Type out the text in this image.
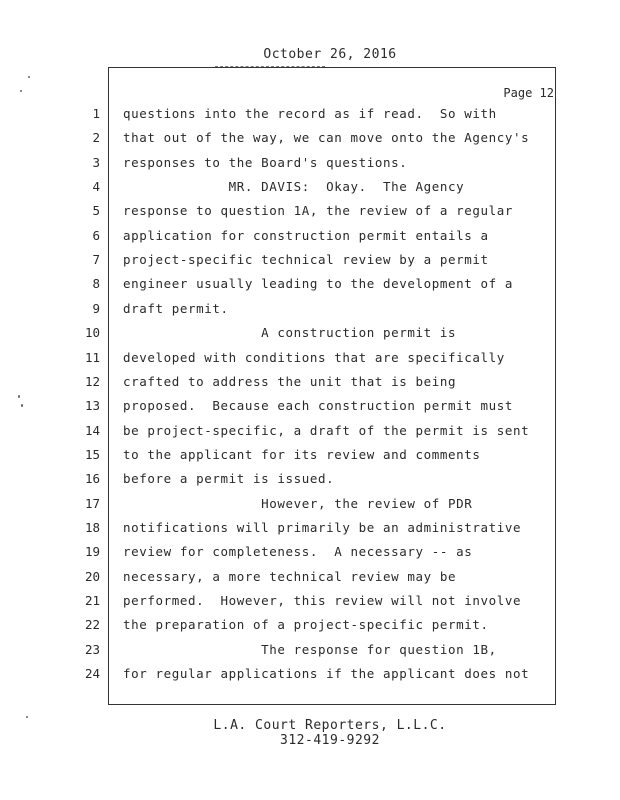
October 26, 2016
Page 12
1 questions into the record as if read.  So with
2 that out of the way, we can move onto the Agency's
3 responses to the Board's questions.
4 MR. DAVIS:  Okay.  The Agency
5 response to question 1A, the review of a regular
6 application for construction permit entails a
7 project-specific technical review by a permit
8 engineer usually leading to the development of a
9 draft permit.
10 A construction permit is
11 developed with conditions that are specifically
12 crafted to address the unit that is being
13 proposed.  Because each construction permit must
14 be project-specific, a draft of the permit is sent
15 to the applicant for its review and comments
16 before a permit is issued.
17 However, the review of PDR
18 notifications will primarily be an administrative
19 review for completeness.  A necessary -- as
20 necessary, a more technical review may be
21 performed.  However, this review will not involve
22 the preparation of a project-specific permit.
23 The response for question 1B,
24 for regular applications if the applicant does not
L.A. Court Reporters, L.L.C.
312-419-9292
